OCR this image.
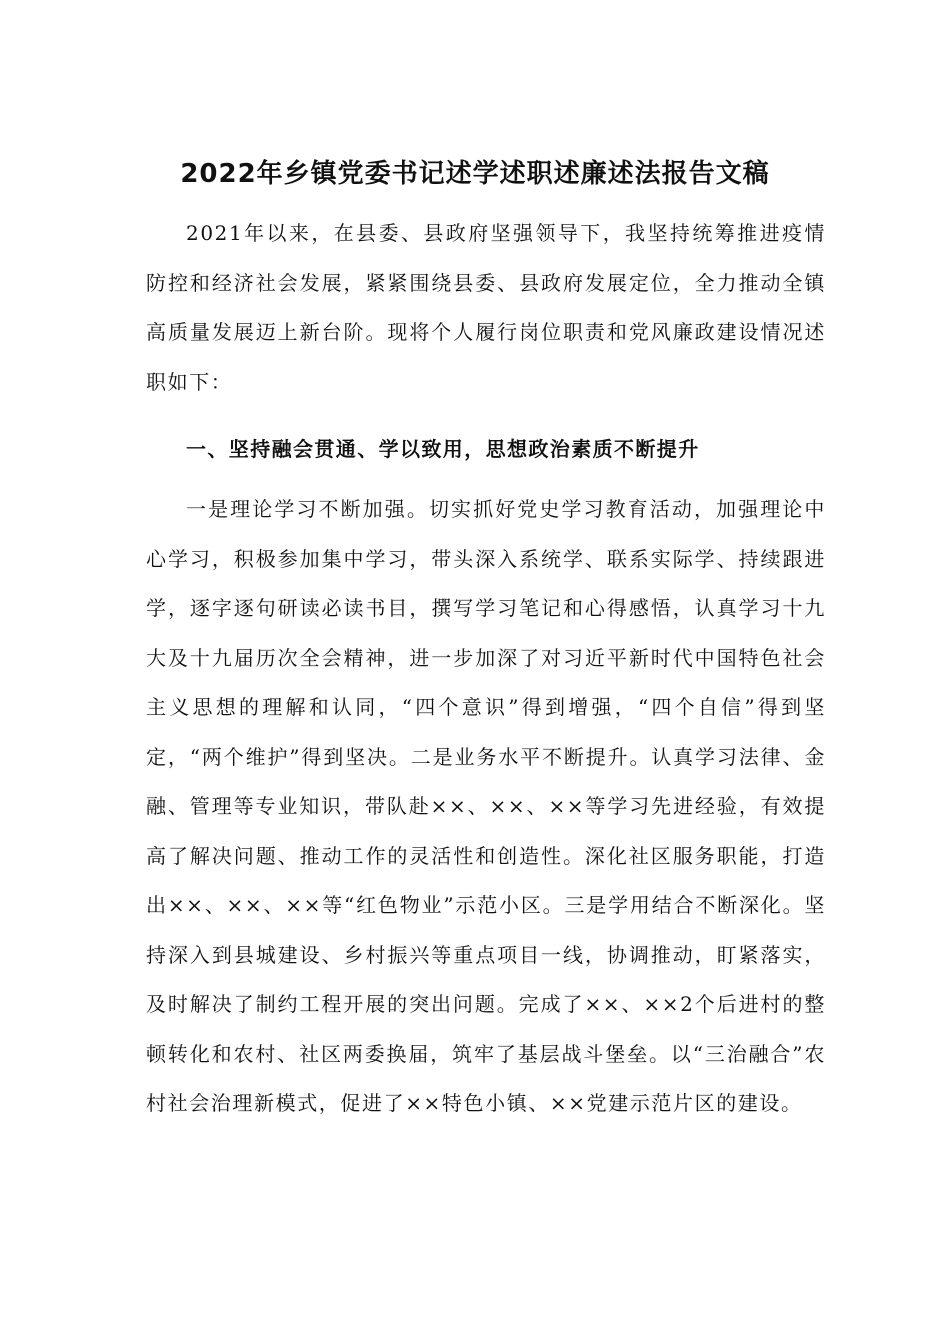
2022年乡镇党委书记述学述职述廉述法报告文稿

2021年以来，在县委、县政府坚强领导下，我坚持统筹推进疫情防控和经济社会发展，紧紧围绕县委、县政府发展定位，全力推动全镇高质量发展迈上新台阶。现将个人履行岗位职责和党风廉政建设情况述职如下：

一、坚持融会贯通、学以致用，思想政治素质不断提升

一是理论学习不断加强。切实抓好党史学习教育活动，加强理论中心学习，积极参加集中学习，带头深入系统学、联系实际学、持续跟进学，逐字逐句研读必读书目，撰写学习笔记和心得感悟，认真学习十九大及十九届历次全会精神，进一步加深了对习近平新时代中国特色社会主义思想的理解和认同，“四个意识”得到增强，“四个自信”得到坚定，“两个维护”得到坚决。二是业务水平不断提升。认真学习法律、金融、管理等专业知识，带队赴××、××、××等学习先进经验，有效提高了解决问题、推动工作的灵活性和创造性。深化社区服务职能，打造出××、××、××等“红色物业”示范小区。三是学用结合不断深化。坚持深入到县城建设、乡村振兴等重点项目一线，协调推动，盯紧落实，及时解决了制约工程开展的突出问题。完成了××、××2个后进村的整顿转化和农村、社区两委换届，筑牢了基层战斗堡垒。以“三治融合”农村社会治理新模式，促进了××特色小镇、××党建示范片区的建设。
